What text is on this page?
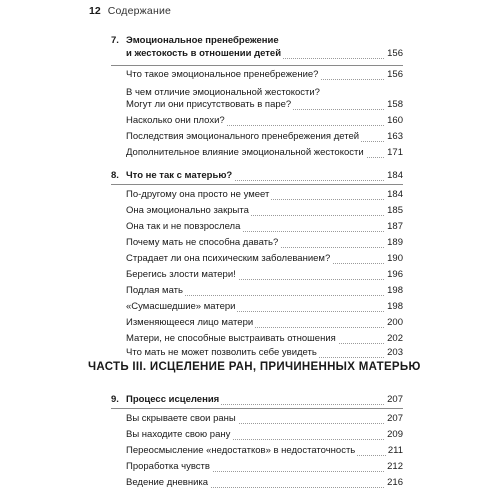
12 Содержание
7. Эмоциональное пренебрежение
и жестокость в отношении детей	156
Что такое эмоциональное пренебрежение?	156
В чем отличие эмоциональной жестокости?
Могут ли они присутствовать в паре?	158
Насколько они плохи?	160
Последствия эмоционального пренебрежения детей	163
Дополнительное влияние эмоциональной жестокости 171
8. Что не так с матерью?	184
По-другому она просто не умеет	184
Она эмоционально закрыта	185
Она так и не повзрослела	187
Почему мать не способна давать?	189
Страдает ли она психическим заболеванием?	190
Берегись злости матери!	196
Подлая мать	198
«Сумасшедшие» матери	198
Изменяющееся лицо матери	200
Матери, не способные выстраивать отношения	202
Что мать не может позволить себе увидеть	203
ЧАСТЬ III. ИСЦЕЛЕНИЕ РАН, ПРИЧИНЕННЫХ МАТЕРЬЮ
9. Процесс исцеления	207
Вы скрываете свои раны	207
Вы находите свою рану	209
Переосмысление «недостатков» в недостаточность	211
Проработка чувств	212
Ведение дневника	216
